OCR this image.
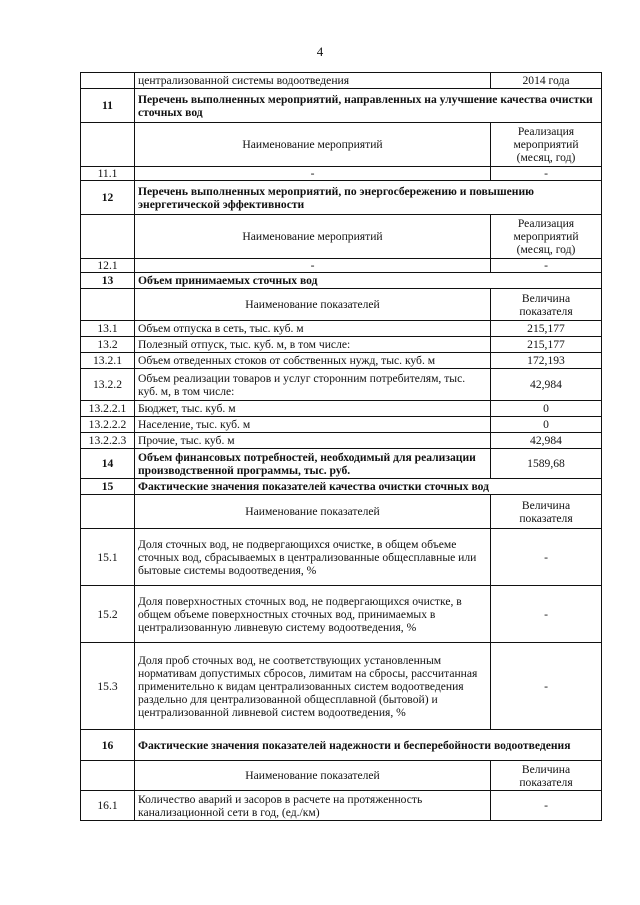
4
	централизованной системы водоотведения	2014 года
11	Перечень выполненных мероприятий, направленных на улучшение качества очистки сточных вод	
	Наименование мероприятий	Реализация мероприятий (месяц, год)
11.1	-	-
12	Перечень выполненных мероприятий, по энергосбережению и повышению энергетической эффективности	
	Наименование мероприятий	Реализация мероприятий (месяц, год)
12.1	-	-
13	Объем принимаемых сточных вод	
	Наименование показателей	Величина показателя
13.1	Объем отпуска в сеть, тыс. куб. м	215,177
13.2	Полезный отпуск, тыс. куб. м, в том числе:	215,177
13.2.1	Объем отведенных стоков от собственных нужд, тыс. куб. м	172,193
13.2.2	Объем реализации товаров и услуг сторонним потребителям, тыс. куб. м, в том числе:	42,984
13.2.2.1	Бюджет, тыс. куб. м	0
13.2.2.2	Население, тыс. куб. м	0
13.2.2.3	Прочие, тыс. куб. м	42,984
14	Объем финансовых потребностей, необходимый для реализации производственной программы, тыс. руб.	1589,68
15	Фактические значения показателей качества очистки сточных вод	
	Наименование показателей	Величина показателя
15.1	Доля сточных вод, не подвергающихся очистке, в общем объеме сточных вод, сбрасываемых в централизованные общесплавные или бытовые системы водоотведения, %	-
15.2	Доля поверхностных сточных вод, не подвергающихся очистке, в общем объеме поверхностных сточных вод, принимаемых в централизованную ливневую систему водоотведения, %	-
15.3	Доля проб сточных вод, не соответствующих установленным нормативам допустимых сбросов, лимитам на сбросы, рассчитанная применительно к видам централизованных систем водоотведения раздельно для централизованной общесплавной (бытовой) и централизованной ливневой систем водоотведения, %	-
16	Фактические значения показателей надежности и бесперебойности водоотведения	
	Наименование показателей	Величина показателя
16.1	Количество аварий и засоров в расчете на протяженность канализационной сети в год, (ед./км)	-
